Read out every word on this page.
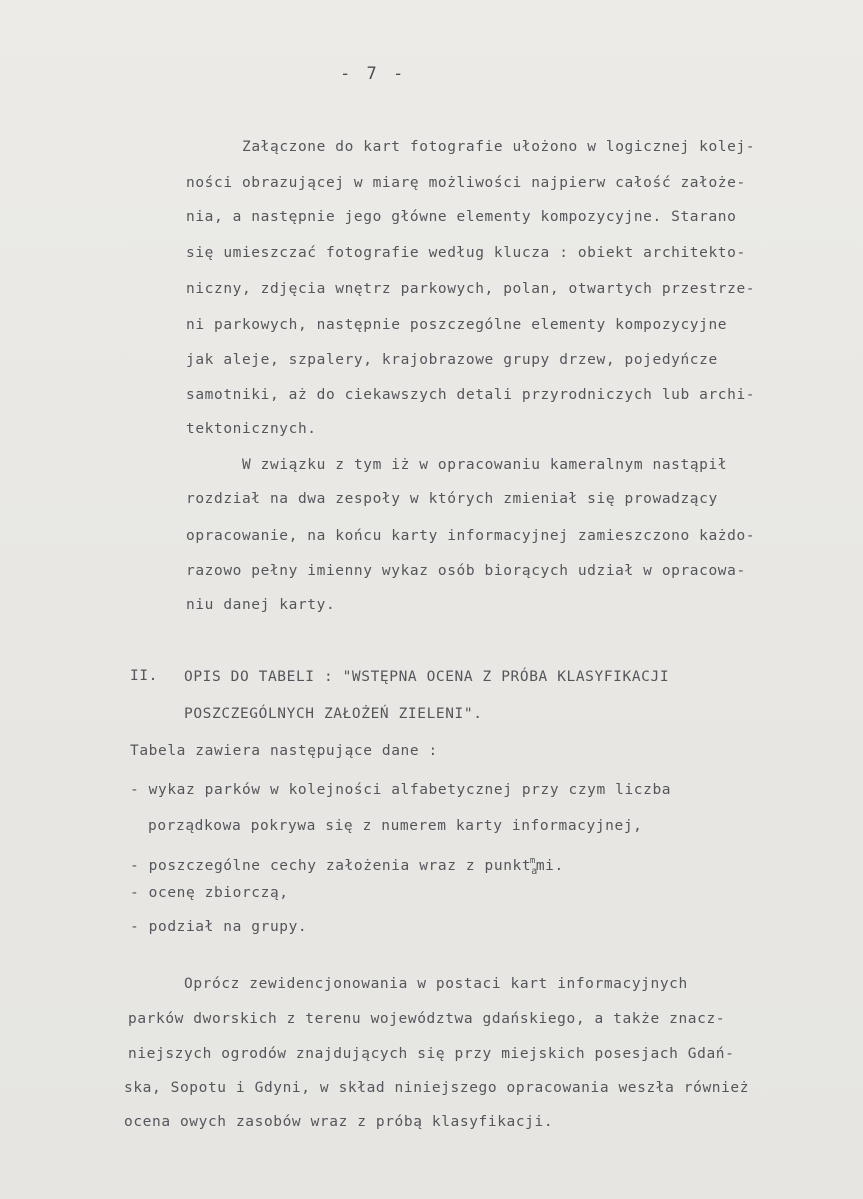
- 7 -
Załączone do kart fotografie ułożono w logicznej kolej-
ności obrazującej w miarę możliwości najpierw całość założe-
nia, a następnie jego główne elementy kompozycyjne. Starano
się umieszczać fotografie według klucza : obiekt architekto-
niczny, zdjęcia wnętrz parkowych, polan, otwartych przestrze-
ni parkowych, następnie poszczególne elementy kompozycyjne
jak aleje, szpalery, krajobrazowe grupy drzew, pojedyńcze
samotniki, aż do ciekawszych detali przyrodniczych lub archi-
tektonicznych.
W związku z tym iż w opracowaniu kameralnym nastąpił
rozdział na dwa zespoły w których zmieniał się prowadzący
opracowanie, na końcu karty informacyjnej zamieszczono każdo-
razowo pełny imienny wykaz osób biorących udział w opracowa-
niu danej karty.
II. OPIS DO TABELI : "WSTĘPNA OCENA Z PRÓBA KLASYFIKACJI
POSZCZEGÓLNYCH ZAŁOŻEŃ ZIELENI".
Tabela zawiera następujące dane :
- wykaz parków w kolejności alfabetycznej przy czym liczba
porządkowa pokrywa się z numerem karty informacyjnej,
- poszczególne cechy założenia wraz z punkt$_a^m$mi.
- ocenę zbiorczą,
- podział na grupy.
Oprócz zewidencjonowania w postaci kart informacyjnych
parków dworskich z terenu województwa gdańskiego, a także znacz-
niejszych ogrodów znajdujących się przy miejskich posesjach Gdań-
ska, Sopotu i Gdyni, w skład niniejszego opracowania weszła również
ocena owych zasobów wraz z próbą klasyfikacji.
